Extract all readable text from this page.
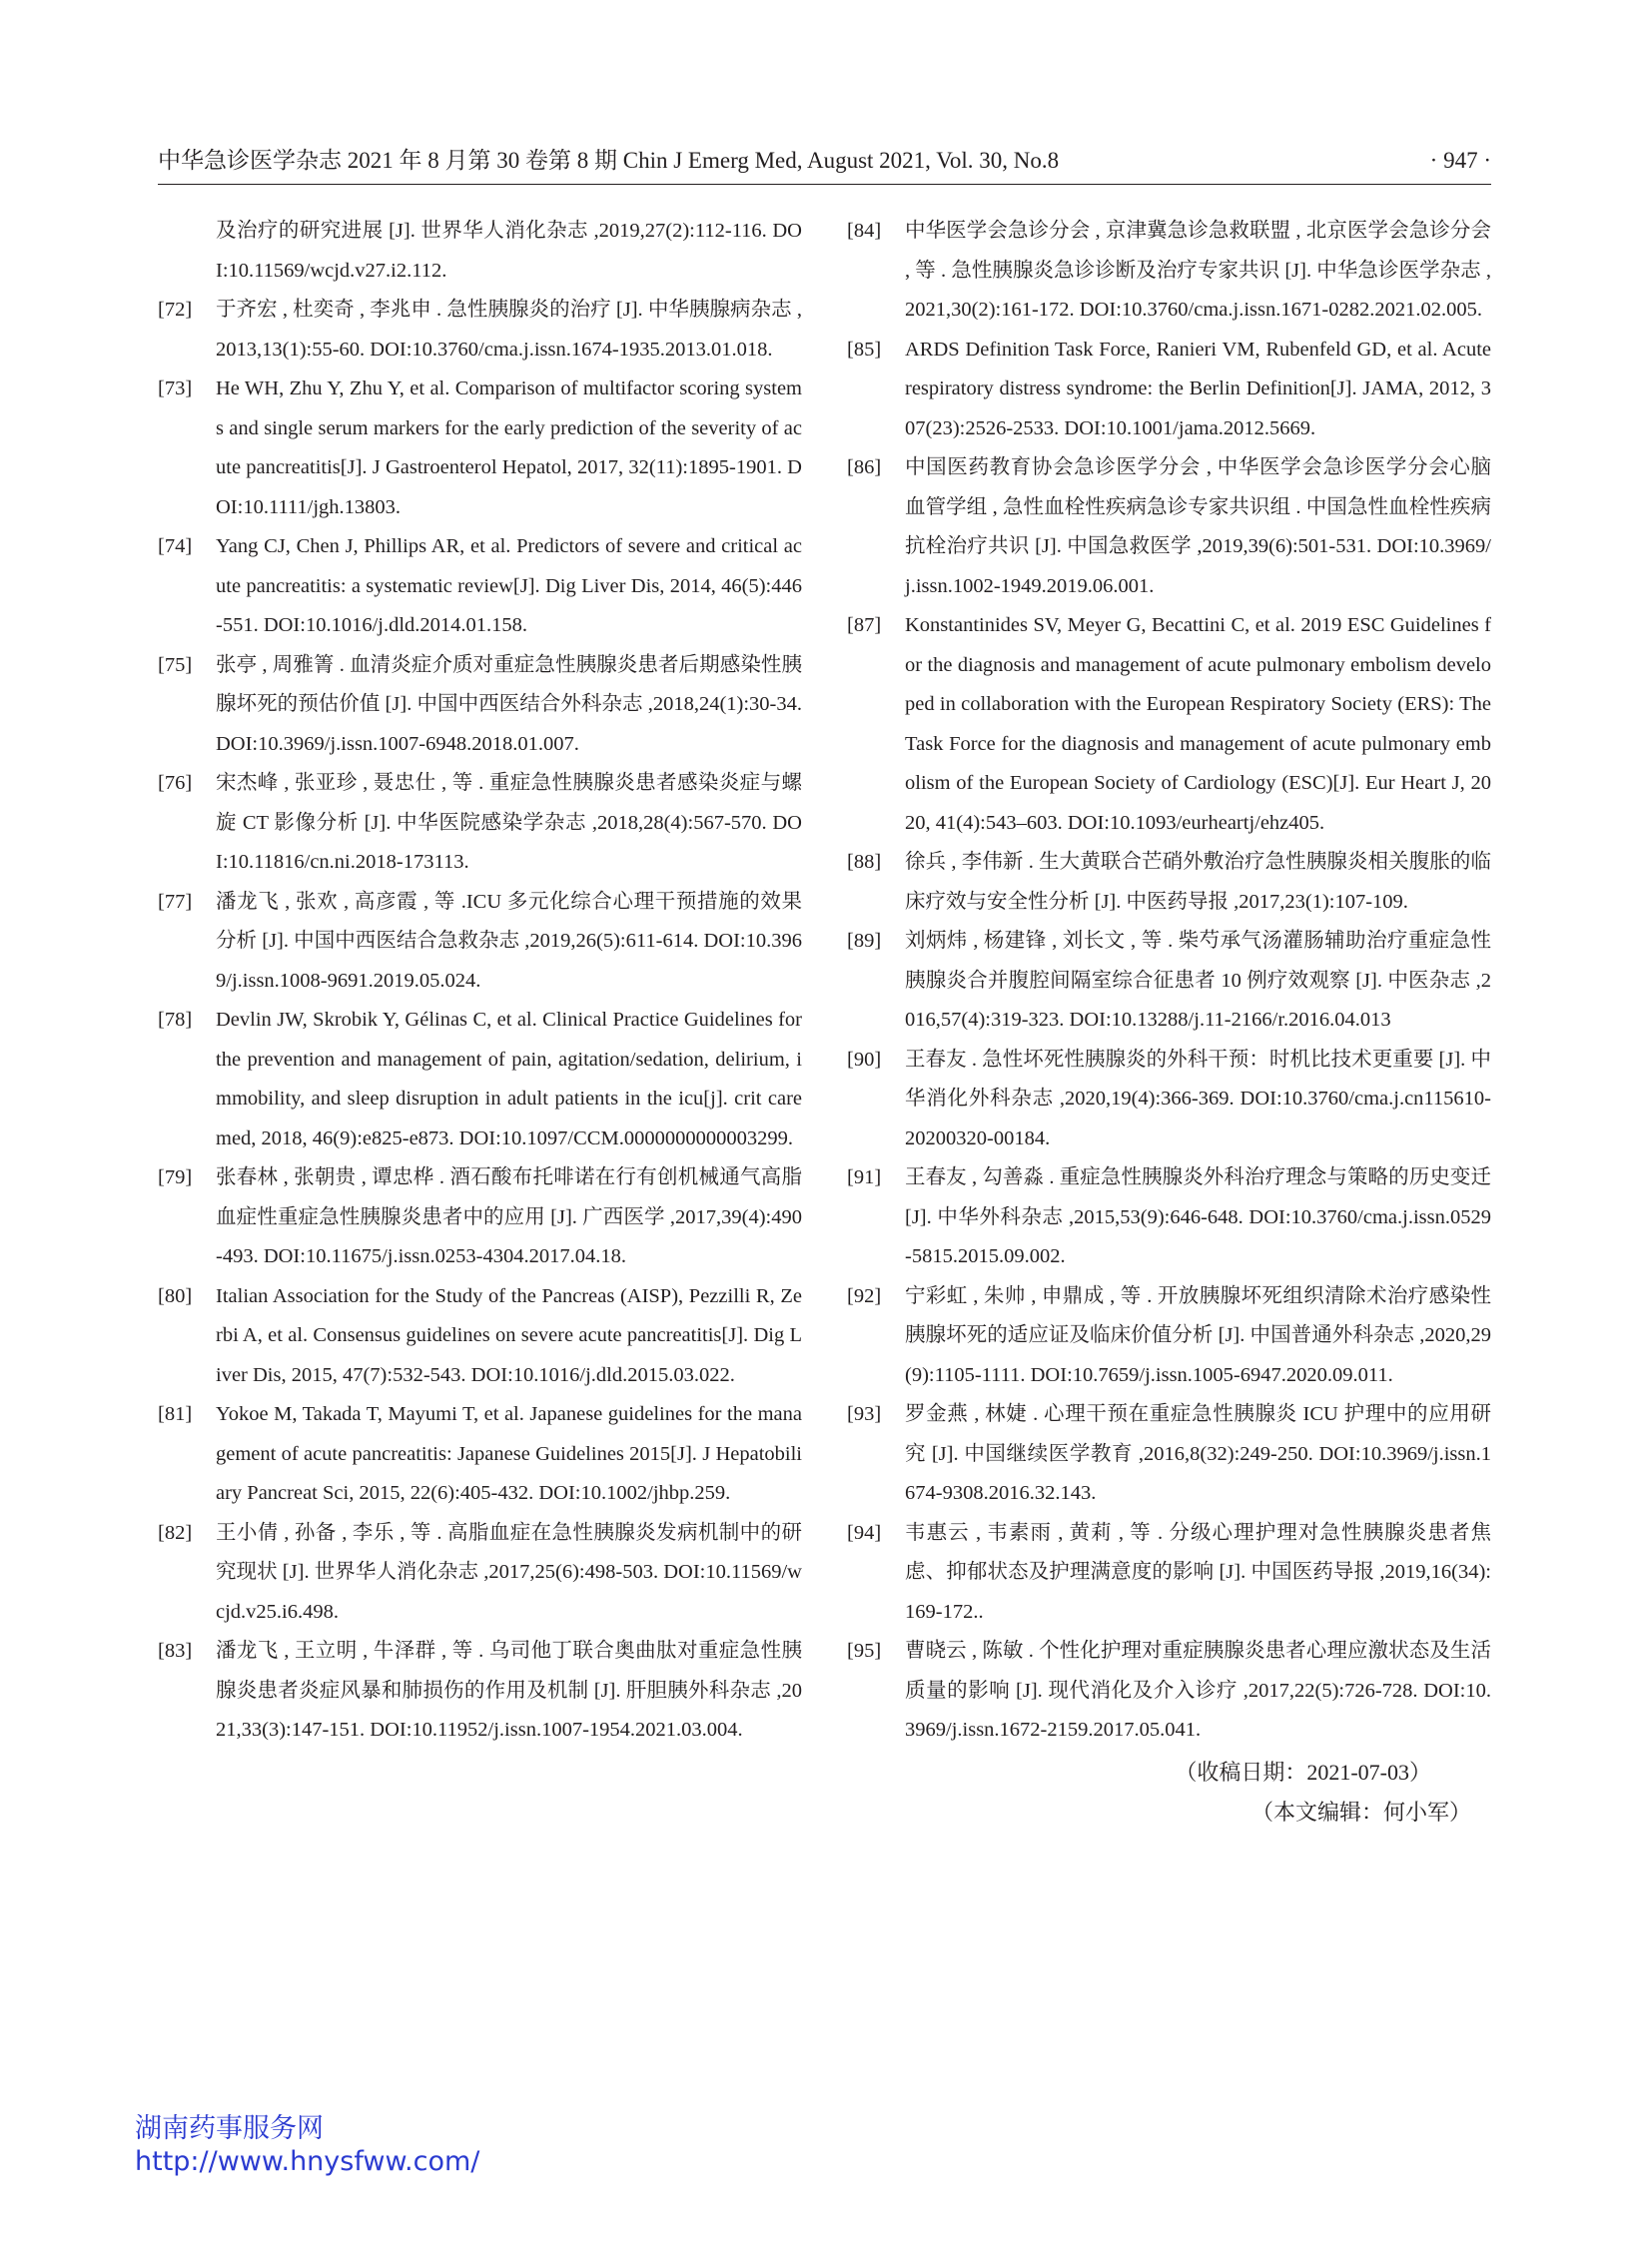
中华急诊医学杂志 2021 年 8 月第 30 卷第 8 期 Chin J Emerg Med, August 2021, Vol. 30, No.8	· 947 ·

及治疗的研究进展 [J]. 世界华人消化杂志 ,2019,27(2):112-116. DOI:10.11569/wcjd.v27.i2.112.

[72] 于齐宏 , 杜奕奇 , 李兆申 . 急性胰腺炎的治疗 [J]. 中华胰腺病杂志 ,2013,13(1):55-60. DOI:10.3760/cma.j.issn.1674-1935.2013.01.018.

[73] He WH, Zhu Y, Zhu Y, et al. Comparison of multifactor scoring systems and single serum markers for the early prediction of the severity of acute pancreatitis[J]. J Gastroenterol Hepatol, 2017, 32(11):1895-1901. DOI:10.1111/jgh.13803.

[74] Yang CJ, Chen J, Phillips AR, et al. Predictors of severe and critical acute pancreatitis: a systematic review[J]. Dig Liver Dis, 2014, 46(5):446-551. DOI:10.1016/j.dld.2014.01.158.

[75] 张亭 , 周雅箐 . 血清炎症介质对重症急性胰腺炎患者后期感染性胰腺坏死的预估价值 [J]. 中国中西医结合外科杂志 ,2018,24(1):30-34. DOI:10.3969/j.issn.1007-6948.2018.01.007.

[76] 宋杰峰 , 张亚珍 , 聂忠仕 , 等 . 重症急性胰腺炎患者感染炎症与螺旋 CT 影像分析 [J]. 中华医院感染学杂志 ,2018,28(4):567-570. DOI:10.11816/cn.ni.2018-173113.

[77] 潘龙飞 , 张欢 , 高彦霞 , 等 .ICU 多元化综合心理干预措施的效果分析 [J]. 中国中西医结合急救杂志 ,2019,26(5):611-614. DOI:10.3969/j.issn.1008-9691.2019.05.024.

[78] Devlin JW, Skrobik Y, Gélinas C, et al. Clinical Practice Guidelines for the prevention and management of pain, agitation/sedation, delirium, immobility, and sleep disruption in adult patients in the icu[j]. crit care med, 2018, 46(9):e825-e873. DOI:10.1097/CCM.0000000000003299.

[79] 张春林 , 张朝贵 , 谭忠桦 . 酒石酸布托啡诺在行有创机械通气高脂血症性重症急性胰腺炎患者中的应用 [J]. 广西医学 ,2017,39(4):490-493. DOI:10.11675/j.issn.0253-4304.2017.04.18.

[80] Italian Association for the Study of the Pancreas (AISP), Pezzilli R, Zerbi A, et al. Consensus guidelines on severe acute pancreatitis[J]. Dig Liver Dis, 2015, 47(7):532-543. DOI:10.1016/j.dld.2015.03.022.

[81] Yokoe M, Takada T, Mayumi T, et al. Japanese guidelines for the management of acute pancreatitis: Japanese Guidelines 2015[J]. J Hepatobiliary Pancreat Sci, 2015, 22(6):405-432. DOI:10.1002/jhbp.259.

[82] 王小倩 , 孙备 , 李乐 , 等 . 高脂血症在急性胰腺炎发病机制中的研究现状 [J]. 世界华人消化杂志 ,2017,25(6):498-503. DOI:10.11569/wcjd.v25.i6.498.

[83] 潘龙飞 , 王立明 , 牛泽群 , 等 . 乌司他丁联合奥曲肽对重症急性胰腺炎患者炎症风暴和肺损伤的作用及机制 [J]. 肝胆胰外科杂志 ,2021,33(3):147-151. DOI:10.11952/j.issn.1007-1954.2021.03.004.

[84] 中华医学会急诊分会 , 京津冀急诊急救联盟 , 北京医学会急诊分会 , 等 . 急性胰腺炎急诊诊断及治疗专家共识 [J]. 中华急诊医学杂志 ,2021,30(2):161-172. DOI:10.3760/cma.j.issn.1671-0282.2021.02.005.

[85] ARDS Definition Task Force, Ranieri VM, Rubenfeld GD, et al. Acute respiratory distress syndrome: the Berlin Definition[J]. JAMA, 2012, 307(23):2526-2533. DOI:10.1001/jama.2012.5669.

[86] 中国医药教育协会急诊医学分会 , 中华医学会急诊医学分会心脑血管学组 , 急性血栓性疾病急诊专家共识组 . 中国急性血栓性疾病抗栓治疗共识 [J]. 中国急救医学 ,2019,39(6):501-531. DOI:10.3969/j.issn.1002-1949.2019.06.001.

[87] Konstantinides SV, Meyer G, Becattini C, et al. 2019 ESC Guidelines for the diagnosis and management of acute pulmonary embolism developed in collaboration with the European Respiratory Society (ERS): The Task Force for the diagnosis and management of acute pulmonary embolism of the European Society of Cardiology (ESC)[J]. Eur Heart J, 2020, 41(4):543–603. DOI:10.1093/eurheartj/ehz405.

[88] 徐兵 , 李伟新 . 生大黄联合芒硝外敷治疗急性胰腺炎相关腹胀的临床疗效与安全性分析 [J]. 中医药导报 ,2017,23(1):107-109.

[89] 刘炳炜 , 杨建锋 , 刘长文 , 等 . 柴芍承气汤灌肠辅助治疗重症急性胰腺炎合并腹腔间隔室综合征患者 10 例疗效观察 [J]. 中医杂志 ,2016,57(4):319-323. DOI:10.13288/j.11-2166/r.2016.04.013

[90] 王春友 . 急性坏死性胰腺炎的外科干预：时机比技术更重要 [J]. 中华消化外科杂志 ,2020,19(4):366-369. DOI:10.3760/cma.j.cn115610-20200320-00184.

[91] 王春友 , 勾善淼 . 重症急性胰腺炎外科治疗理念与策略的历史变迁 [J]. 中华外科杂志 ,2015,53(9):646-648. DOI:10.3760/cma.j.issn.0529-5815.2015.09.002.

[92] 宁彩虹 , 朱帅 , 申鼎成 , 等 . 开放胰腺坏死组织清除术治疗感染性胰腺坏死的适应证及临床价值分析 [J]. 中国普通外科杂志 ,2020,29(9):1105-1111. DOI:10.7659/j.issn.1005-6947.2020.09.011.

[93] 罗金燕 , 林婕 . 心理干预在重症急性胰腺炎 ICU 护理中的应用研究 [J]. 中国继续医学教育 ,2016,8(32):249-250. DOI:10.3969/j.issn.1674-9308.2016.32.143.

[94] 韦惠云 , 韦素雨 , 黄莉 , 等 . 分级心理护理对急性胰腺炎患者焦虑、抑郁状态及护理满意度的影响 [J]. 中国医药导报 ,2019,16(34):169-172..

[95] 曹晓云 , 陈敏 . 个性化护理对重症胰腺炎患者心理应激状态及生活质量的影响 [J]. 现代消化及介入诊疗 ,2017,22(5):726-728. DOI:10.3969/j.issn.1672-2159.2017.05.041.

（收稿日期：2021-07-03）
（本文编辑：何小军）
湖南药事服务网
http://www.hnysfww.com/
